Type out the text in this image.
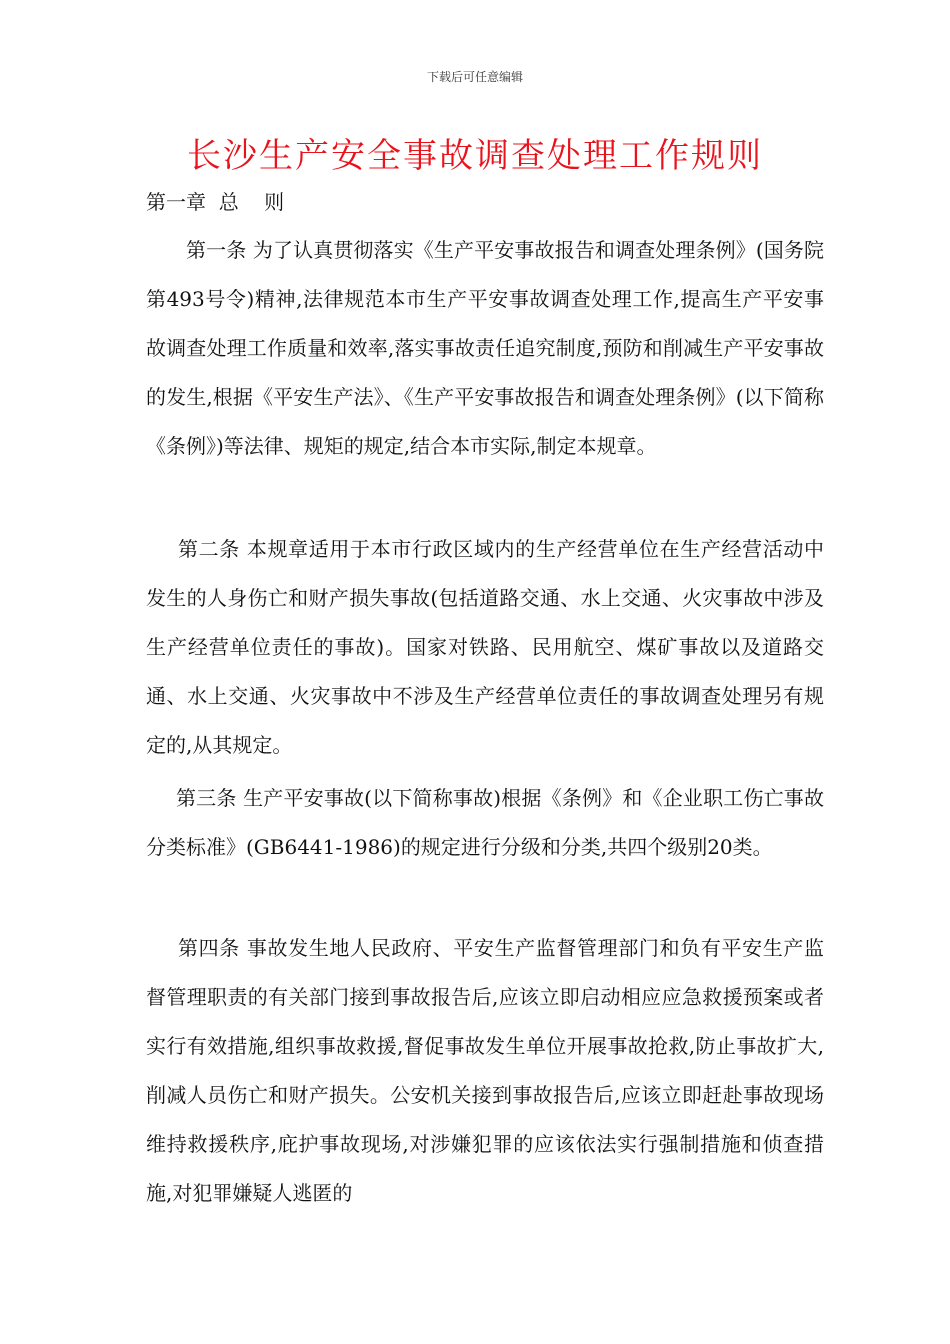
下载后可任意编辑
长沙生产安全事故调查处理工作规则
第一章  总    则

第一条 为了认真贯彻落实《生产平安事故报告和调查处理条例》(国务院第493号令)精神,法律规范本市生产平安事故调查处理工作,提高生产平安事故调查处理工作质量和效率,落实事故责任追究制度,预防和削减生产平安事故的发生,根据《平安生产法》、《生产平安事故报告和调查处理条例》(以下简称《条例》)等法律、规矩的规定,结合本市实际,制定本规章。

第二条 本规章适用于本市行政区域内的生产经营单位在生产经营活动中发生的人身伤亡和财产损失事故(包括道路交通、水上交通、火灾事故中涉及生产经营单位责任的事故)。国家对铁路、民用航空、煤矿事故以及道路交通、水上交通、火灾事故中不涉及生产经营单位责任的事故调查处理另有规定的,从其规定。

第三条 生产平安事故(以下简称事故)根据《条例》和《企业职工伤亡事故分类标准》(GB6441-1986)的规定进行分级和分类,共四个级别20类。

第四条 事故发生地人民政府、平安生产监督管理部门和负有平安生产监督管理职责的有关部门接到事故报告后,应该立即启动相应应急救援预案或者实行有效措施,组织事故救援,督促事故发生单位开展事故抢救,防止事故扩大,削减人员伤亡和财产损失。公安机关接到事故报告后,应该立即赶赴事故现场维持救援秩序,庇护事故现场,对涉嫌犯罪的应该依法实行强制措施和侦查措施,对犯罪嫌疑人逃匿的
